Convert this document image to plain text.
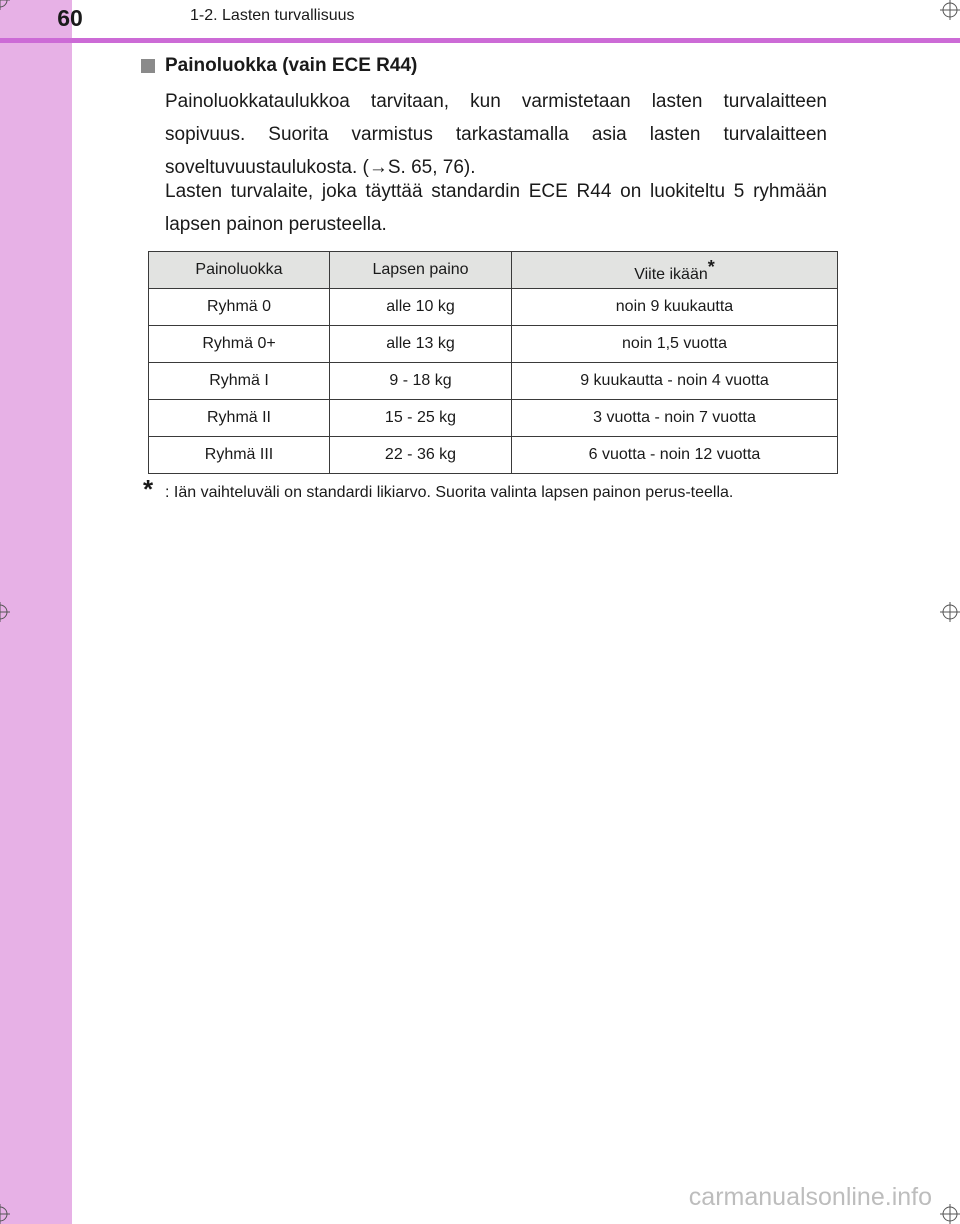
60	1-2. Lasten turvallisuus
Painoluokka (vain ECE R44)

Painoluokkataulukkoa tarvitaan, kun varmistetaan lasten turvalaitteen sopivuus. Suorita varmistus tarkastamalla asia lasten turvalaitteen soveltuvuustaulukosta. (→S. 65, 76).

Lasten turvalaite, joka täyttää standardin ECE R44 on luokiteltu 5 ryhmään lapsen painon perusteella.

Painoluokka	Lapsen paino	Viite ikään*
Ryhmä 0	alle 10 kg	noin 9 kuukautta
Ryhmä 0+	alle 13 kg	noin 1,5 vuotta
Ryhmä I	9 - 18 kg	9 kuukautta - noin 4 vuotta
Ryhmä II	15 - 25 kg	3 vuotta - noin 7 vuotta
Ryhmä III	22 - 36 kg	6 vuotta - noin 12 vuotta
* : Iän vaihteluväli on standardi likiarvo. Suorita valinta lapsen painon perus-teella.

carmanualsonline.info
